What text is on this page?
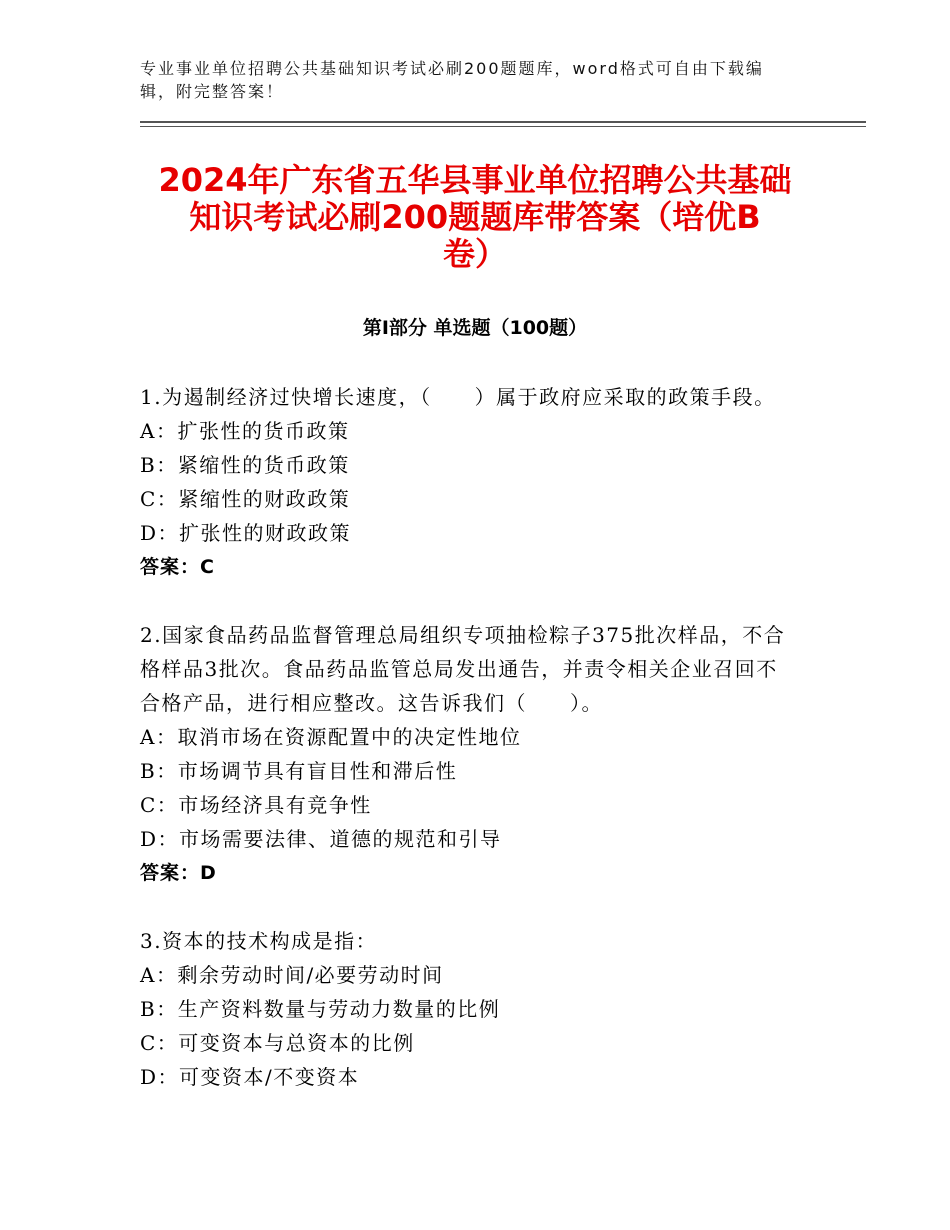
专业事业单位招聘公共基础知识考试必刷200题题库，word格式可自由下载编
辑，附完整答案！
2024年广东省五华县事业单位招聘公共基础
知识考试必刷200题题库带答案（培优B
卷）
第Ⅰ部分 单选题（100题）
1.为遏制经济过快增长速度，（　　）属于政府应采取的政策手段。
A：扩张性的货币政策
B：紧缩性的货币政策
C：紧缩性的财政政策
D：扩张性的财政政策
答案：C
2.国家食品药品监督管理总局组织专项抽检粽子375批次样品，不合
格样品3批次。食品药品监管总局发出通告，并责令相关企业召回不
合格产品，进行相应整改。这告诉我们（　　）。
A：取消市场在资源配置中的决定性地位
B：市场调节具有盲目性和滞后性
C：市场经济具有竞争性
D：市场需要法律、道德的规范和引导
答案：D
3.资本的技术构成是指：
A：剩余劳动时间/必要劳动时间
B：生产资料数量与劳动力数量的比例
C：可变资本与总资本的比例
D：可变资本/不变资本
